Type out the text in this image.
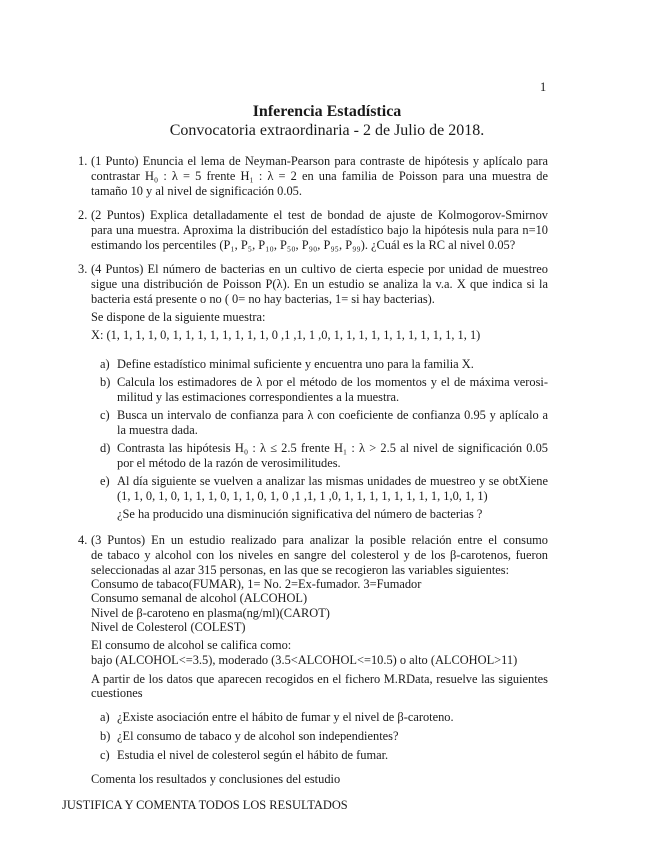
1
Inferencia Estadística
Convocatoria extraordinaria - 2 de Julio de 2018.
1. (1 Punto) Enuncia el lema de Neyman-Pearson para contraste de hipótesis y aplícalo para
contrastar H₀ : λ = 5 frente H₁ : λ = 2 en una familia de Poisson para una muestra de
tamaño 10 y al nivel de significación 0.05.
2. (2 Puntos) Explica detalladamente el test de bondad de ajuste de Kolmogorov-Smirnov
para una muestra. Aproxima la distribución del estadístico bajo la hipótesis nula para n=10
estimando los percentiles (P₁, P₅, P₁₀, P₅₀, P₉₀, P₉₅, P₉₉). ¿Cuál es la RC al nivel 0.05?
3. (4 Puntos) El número de bacterias en un cultivo de cierta especie por unidad de muestreo
sigue una distribución de Poisson P(λ). En un estudio se analiza la v.a. X que indica si la
bacteria está presente o no ( 0= no hay bacterias, 1= si hay bacterias).
Se dispone de la siguiente muestra:
X: (1, 1, 1, 1, 0, 1, 1, 1, 1, 1, 1, 1, 1, 0 ,1 ,1, 1 ,0, 1, 1, 1, 1, 1, 1, 1, 1, 1, 1, 1, 1)
a) Define estadístico minimal suficiente y encuentra uno para la familia X.
b) Calcula los estimadores de λ por el método de los momentos y el de máxima verosi-
militud y las estimaciones correspondientes a la muestra.
c) Busca un intervalo de confianza para λ con coeficiente de confianza 0.95 y aplícalo a
la muestra dada.
d) Contrasta las hipótesis H₀ : λ ≤ 2.5 frente H₁ : λ > 2.5 al nivel de significación 0.05
por el método de la razón de verosimilitudes.
e) Al día siguiente se vuelven a analizar las mismas unidades de muestreo y se obtXiene
(1, 1, 0, 1, 0, 1, 1, 1, 0, 1, 1, 0, 1, 0 ,1 ,1, 1 ,0, 1, 1, 1, 1, 1, 1, 1, 1, 1,0, 1, 1)
¿Se ha producido una disminución significativa del número de bacterias ?
4. (3 Puntos) En un estudio realizado para analizar la posible relación entre el consumo
de tabaco y alcohol con los niveles en sangre del colesterol y de los β-carotenos, fueron
seleccionadas al azar 315 personas, en las que se recogieron las variables siguientes:
Consumo de tabaco(FUMAR), 1= No. 2=Ex-fumador. 3=Fumador
Consumo semanal de alcohol (ALCOHOL)
Nivel de β-caroteno en plasma(ng/ml)(CAROT)
Nivel de Colesterol (COLEST)
El consumo de alcohol se califica como:
bajo (ALCOHOL<=3.5), moderado (3.5<ALCOHOL<=10.5) o alto (ALCOHOL>11)
A partir de los datos que aparecen recogidos en el fichero M.RData, resuelve las siguientes
cuestiones
a) ¿Existe asociación entre el hábito de fumar y el nivel de β-caroteno.
b) ¿El consumo de tabaco y de alcohol son independientes?
c) Estudia el nivel de colesterol según el hábito de fumar.
Comenta los resultados y conclusiones del estudio
JUSTIFICA Y COMENTA TODOS LOS RESULTADOS
